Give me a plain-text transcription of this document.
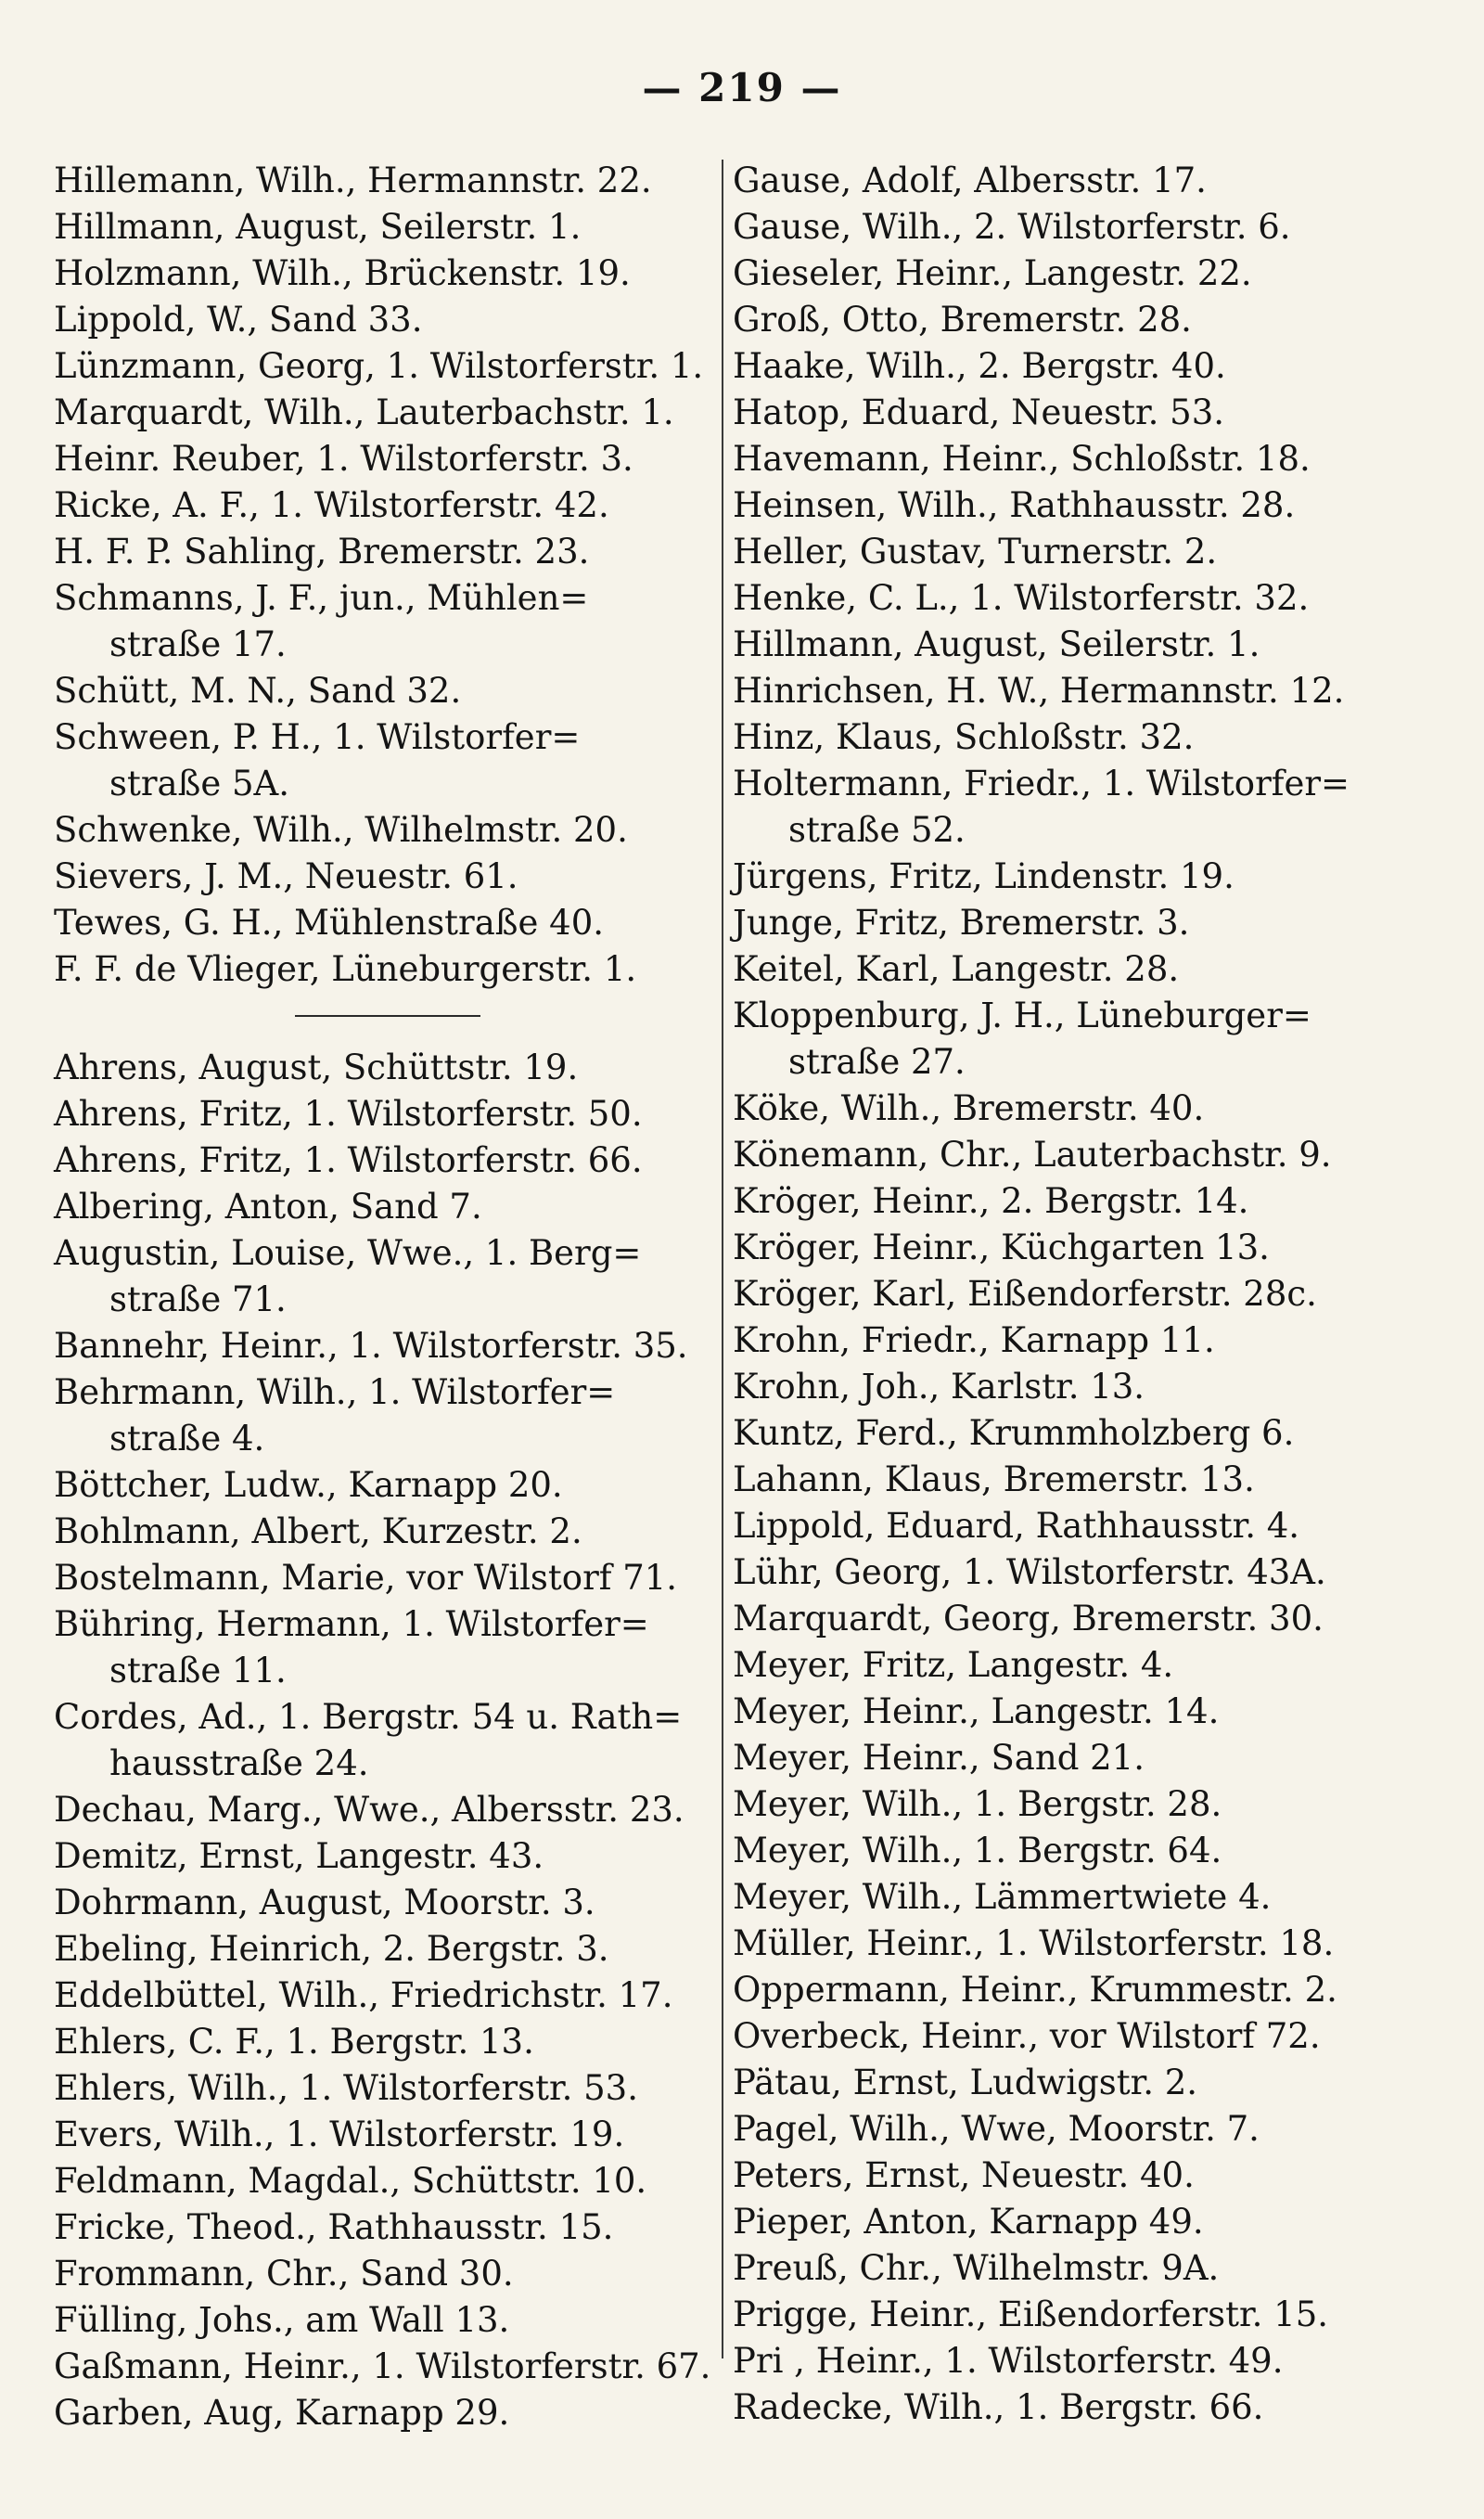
— 219 —
Hillemann, Wilh., Hermannstr. 22.
Hillmann, August, Seilerstr. 1.
Holzmann, Wilh., Brückenstr. 19.
Lippold, W., Sand 33.
Lünzmann, Georg, 1. Wilstorferstr. 1.
Marquardt, Wilh., Lauterbachstr. 1.
Heinr. Reuber, 1. Wilstorferstr. 3.
Ricke, A. F., 1. Wilstorferstr. 42.
H. F. P. Sahling, Bremerstr. 23.
Schmanns, J. F., jun., Mühlen=
straße 17.
Schütt, M. N., Sand 32.
Schween, P. H., 1. Wilstorfer=
straße 5A.
Schwenke, Wilh., Wilhelmstr. 20.
Sievers, J. M., Neuestr. 61.
Tewes, G. H., Mühlenstraße 40.
F. F. de Vlieger, Lüneburgerstr. 1.
Ahrens, August, Schüttstr. 19.
Ahrens, Fritz, 1. Wilstorferstr. 50.
Ahrens, Fritz, 1. Wilstorferstr. 66.
Albering, Anton, Sand 7.
Augustin, Louise, Wwe., 1. Berg=
straße 71.
Bannehr, Heinr., 1. Wilstorferstr. 35.
Behrmann, Wilh., 1. Wilstorfer=
straße 4.
Böttcher, Ludw., Karnapp 20.
Bohlmann, Albert, Kurzestr. 2.
Bostelmann, Marie, vor Wilstorf 71.
Bühring, Hermann, 1. Wilstorfer=
straße 11.
Cordes, Ad., 1. Bergstr. 54 u. Rath=
hausstraße 24.
Dechau, Marg., Wwe., Albersstr. 23.
Demitz, Ernst, Langestr. 43.
Dohrmann, August, Moorstr. 3.
Ebeling, Heinrich, 2. Bergstr. 3.
Eddelbüttel, Wilh., Friedrichstr. 17.
Ehlers, C. F., 1. Bergstr. 13.
Ehlers, Wilh., 1. Wilstorferstr. 53.
Evers, Wilh., 1. Wilstorferstr. 19.
Feldmann, Magdal., Schüttstr. 10.
Fricke, Theod., Rathhausstr. 15.
Frommann, Chr., Sand 30.
Fülling, Johs., am Wall 13.
Gaßmann, Heinr., 1. Wilstorferstr. 67.
Garben, Aug, Karnapp 29.
Gause, Adolf, Albersstr. 17.
Gause, Wilh., 2. Wilstorferstr. 6.
Gieseler, Heinr., Langestr. 22.
Groß, Otto, Bremerstr. 28.
Haake, Wilh., 2. Bergstr. 40.
Hatop, Eduard, Neuestr. 53.
Havemann, Heinr., Schloßstr. 18.
Heinsen, Wilh., Rathhausstr. 28.
Heller, Gustav, Turnerstr. 2.
Henke, C. L., 1. Wilstorferstr. 32.
Hillmann, August, Seilerstr. 1.
Hinrichsen, H. W., Hermannstr. 12.
Hinz, Klaus, Schloßstr. 32.
Holtermann, Friedr., 1. Wilstorfer=
straße 52.
Jürgens, Fritz, Lindenstr. 19.
Junge, Fritz, Bremerstr. 3.
Keitel, Karl, Langestr. 28.
Kloppenburg, J. H., Lüneburger=
straße 27.
Köke, Wilh., Bremerstr. 40.
Könemann, Chr., Lauterbachstr. 9.
Kröger, Heinr., 2. Bergstr. 14.
Kröger, Heinr., Küchgarten 13.
Kröger, Karl, Eißendorferstr. 28c.
Krohn, Friedr., Karnapp 11.
Krohn, Joh., Karlstr. 13.
Kuntz, Ferd., Krummholzberg 6.
Lahann, Klaus, Bremerstr. 13.
Lippold, Eduard, Rathhausstr. 4.
Lühr, Georg, 1. Wilstorferstr. 43A.
Marquardt, Georg, Bremerstr. 30.
Meyer, Fritz, Langestr. 4.
Meyer, Heinr., Langestr. 14.
Meyer, Heinr., Sand 21.
Meyer, Wilh., 1. Bergstr. 28.
Meyer, Wilh., 1. Bergstr. 64.
Meyer, Wilh., Lämmertwiete 4.
Müller, Heinr., 1. Wilstorferstr. 18.
Oppermann, Heinr., Krummestr. 2.
Overbeck, Heinr., vor Wilstorf 72.
Pätau, Ernst, Ludwigstr. 2.
Pagel, Wilh., Wwe, Moorstr. 7.
Peters, Ernst, Neuestr. 40.
Pieper, Anton, Karnapp 49.
Preuß, Chr., Wilhelmstr. 9A.
Prigge, Heinr., Eißendorferstr. 15.
Pri , Heinr., 1. Wilstorferstr. 49.
Radecke, Wilh., 1. Bergstr. 66.
